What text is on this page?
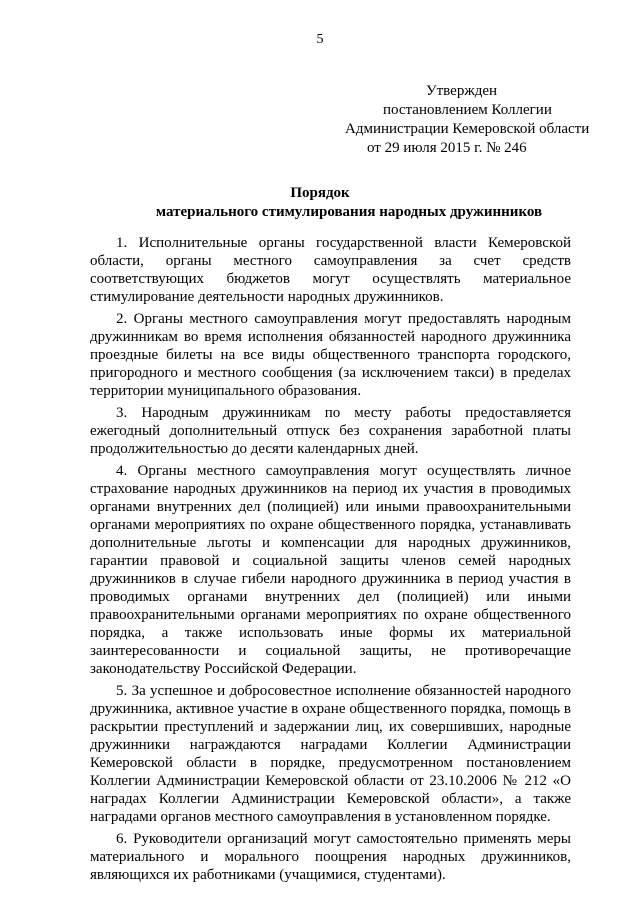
5
Утвержден
постановлением Коллегии
Администрации Кемеровской области
от 29 июля 2015 г. № 246
Порядок
материального стимулирования народных дружинников

1. Исполнительные органы государственной власти Кемеровской области, органы местного самоуправления за счет средств соответствующих бюджетов могут осуществлять материальное стимулирование деятельности народных дружинников.

2. Органы местного самоуправления могут предоставлять народным дружинникам во время исполнения обязанностей народного дружинника проездные билеты на все виды общественного транспорта городского, пригородного и местного сообщения (за исключением такси) в пределах территории муниципального образования.

3. Народным дружинникам по месту работы предоставляется ежегодный дополнительный отпуск без сохранения заработной платы продолжительностью до десяти календарных дней.

4. Органы местного самоуправления могут осуществлять личное страхование народных дружинников на период их участия в проводимых органами внутренних дел (полицией) или иными правоохранительными органами мероприятиях по охране общественного порядка, устанавливать дополнительные льготы и компенсации для народных дружинников, гарантии правовой и социальной защиты членов семей народных дружинников в случае гибели народного дружинника в период участия в проводимых органами внутренних дел (полицией) или иными правоохранительными органами мероприятиях по охране общественного порядка, а также использовать иные формы их материальной заинтересованности и социальной защиты, не противоречащие законодательству Российской Федерации.

5. За успешное и добросовестное исполнение обязанностей народного дружинника, активное участие в охране общественного порядка, помощь в раскрытии преступлений и задержании лиц, их совершивших, народные дружинники награждаются наградами Коллегии Администрации Кемеровской области в порядке, предусмотренном постановлением Коллегии Администрации Кемеровской области от 23.10.2006 № 212 «О наградах Коллегии Администрации Кемеровской области», а также наградами органов местного самоуправления в установленном порядке.

6. Руководители организаций могут самостоятельно применять меры материального и морального поощрения народных дружинников, являющихся их работниками (учащимися, студентами).
